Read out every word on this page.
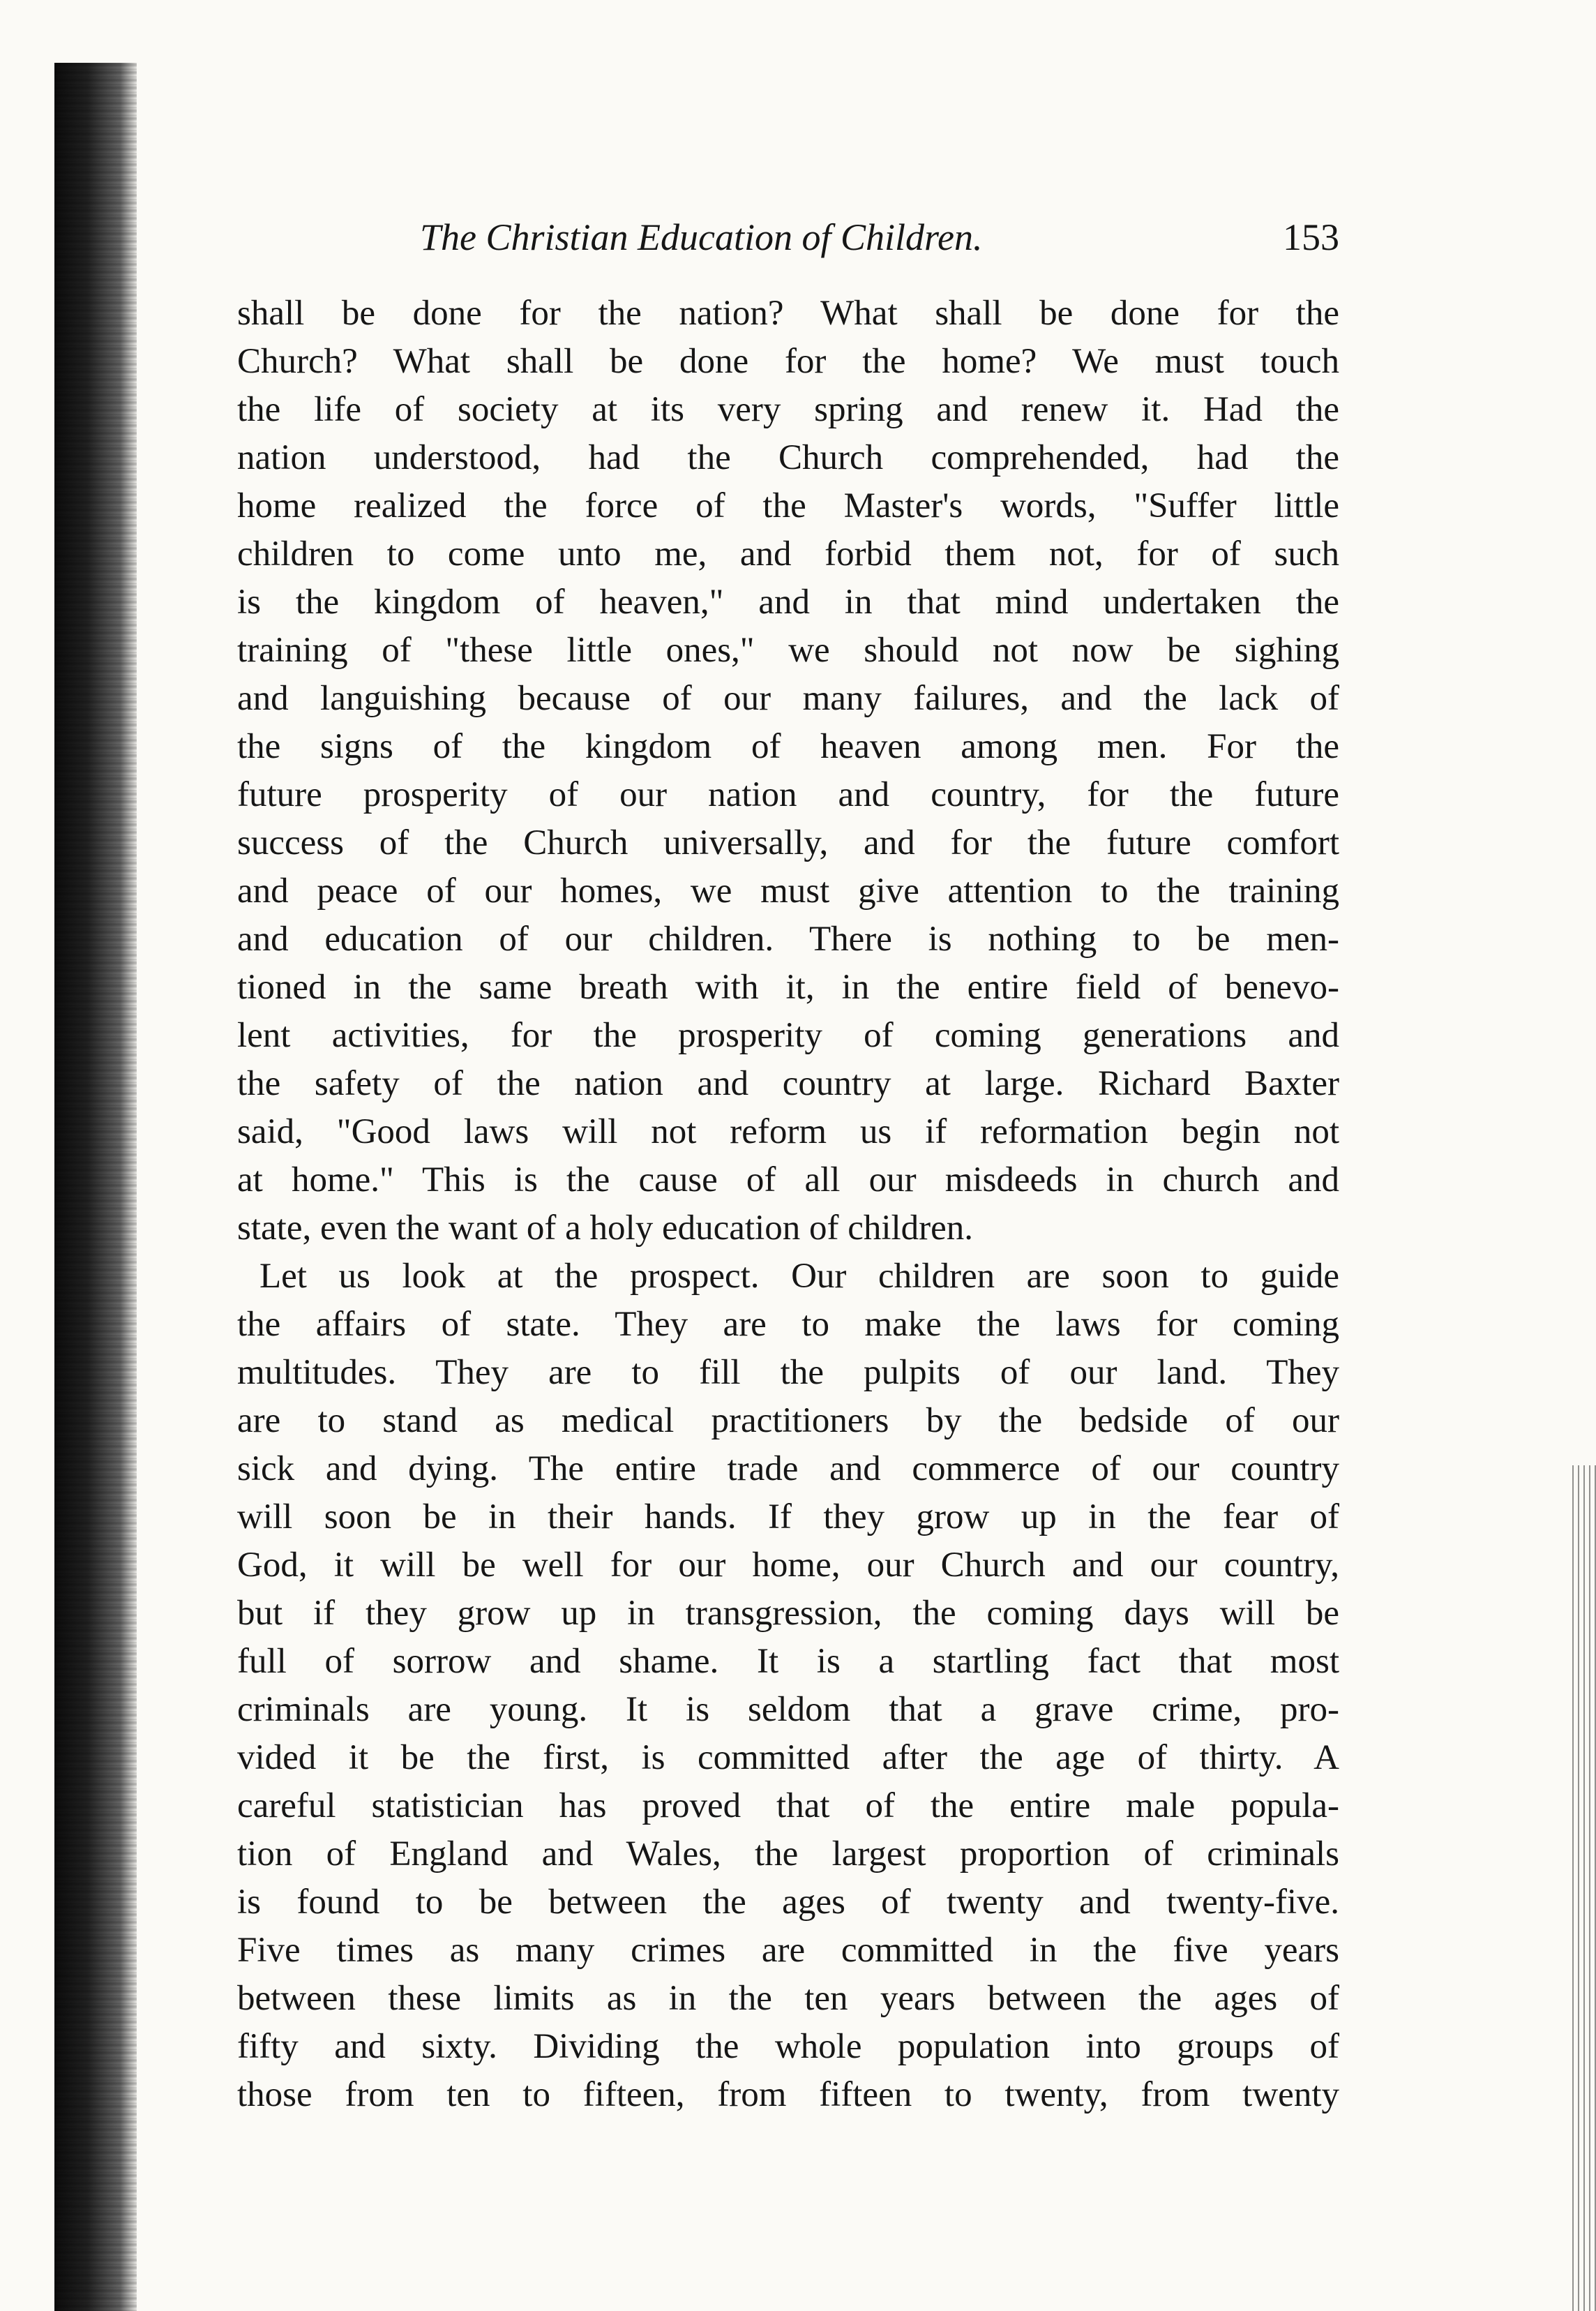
The Christian Education of Children.	153
shall be done for the nation? What shall be done for the
Church? What shall be done for the home? We must touch
the life of society at its very spring and renew it. Had the
nation understood, had the Church comprehended, had the
home realized the force of the Master's words, "Suffer little
children to come unto me, and forbid them not, for of such
is the kingdom of heaven," and in that mind undertaken the
training of "these little ones," we should not now be sighing
and languishing because of our many failures, and the lack of
the signs of the kingdom of heaven among men. For the
future prosperity of our nation and country, for the future
success of the Church universally, and for the future comfort
and peace of our homes, we must give attention to the training
and education of our children. There is nothing to be men-
tioned in the same breath with it, in the entire field of benevo-
lent activities, for the prosperity of coming generations and
the safety of the nation and country at large. Richard Baxter
said, "Good laws will not reform us if reformation begin not
at home." This is the cause of all our misdeeds in church and
state, even the want of a holy education of children.
Let us look at the prospect. Our children are soon to guide
the affairs of state. They are to make the laws for coming
multitudes. They are to fill the pulpits of our land. They
are to stand as medical practitioners by the bedside of our
sick and dying. The entire trade and commerce of our country
will soon be in their hands. If they grow up in the fear of
God, it will be well for our home, our Church and our country,
but if they grow up in transgression, the coming days will be
full of sorrow and shame. It is a startling fact that most
criminals are young. It is seldom that a grave crime, pro-
vided it be the first, is committed after the age of thirty. A
careful statistician has proved that of the entire male popula-
tion of England and Wales, the largest proportion of criminals
is found to be between the ages of twenty and twenty-five.
Five times as many crimes are committed in the five years
between these limits as in the ten years between the ages of
fifty and sixty. Dividing the whole population into groups of
those from ten to fifteen, from fifteen to twenty, from twenty
